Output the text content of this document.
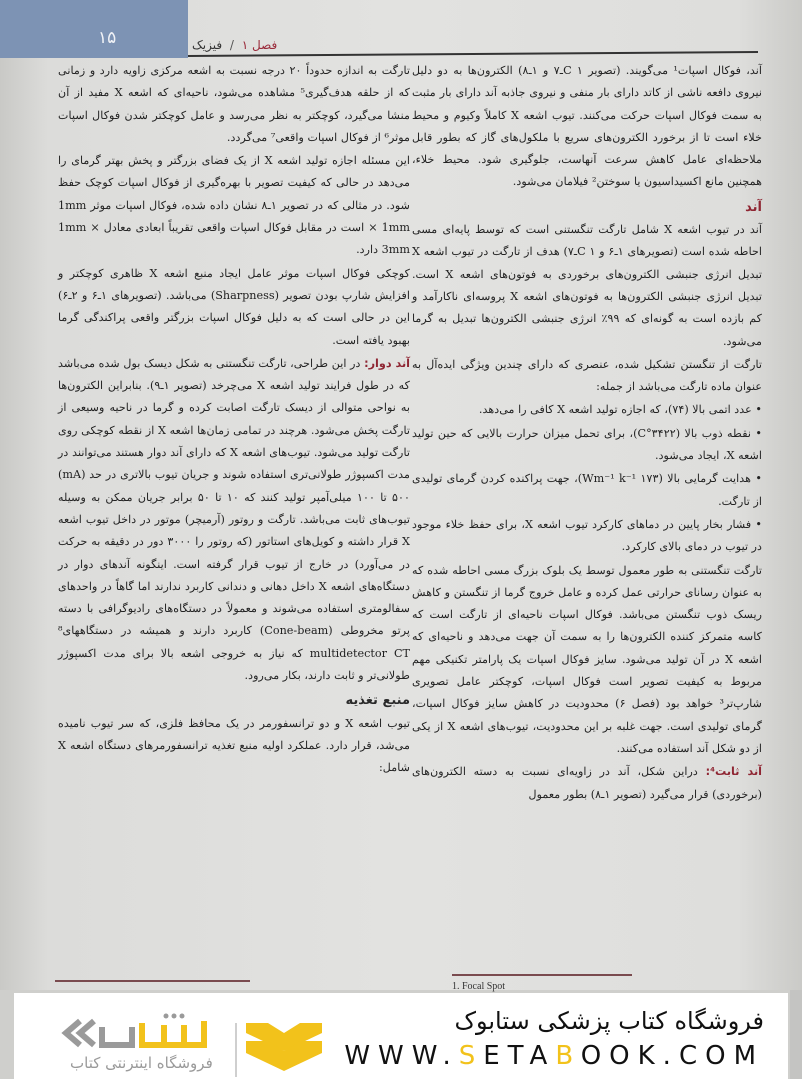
۱۵	فصل ۱ / فیزیک

آند، فوکال اسپات¹ می‌گویند. (تصویر C ۱ـ۷ و ۱ـ۸) الکترون‌ها به دو دلیل نیروی دافعه ناشی از کاتد دارای بار منفی و نیروی جاذبه آند دارای بار مثبت به سمت فوکال اسپات حرکت می‌کنند. تیوب اشعه X کاملاً وکیوم و محیط خلاء است تا از برخورد الکترون‌های سریع با ملکول‌های گاز که بطور قابل ملاحظه‌ای عامل کاهش سرعت آنهاست، جلوگیری شود. محیط خلاء، همچنین مانع اکسیداسیون یا سوختن² فیلامان می‌شود.

آند

آند در تیوب اشعه X شامل تارگت تنگستنی است که توسط پایه‌ای مسی احاطه شده است (تصویرهای ۱ـ۶ و C ۱ـ۷) هدف از تارگت در تیوب اشعه X تبدیل انرژی جنبشی الکترون‌های برخوردی به فوتون‌های اشعه X است. تبدیل انرژی جنبشی الکترون‌ها به فوتون‌های اشعه X پروسه‌ای ناکارآمد و کم بازده است به گونه‌ای که ۹۹٪ انرژی جنبشی الکترون‌ها تبدیل به گرما می‌شود.

تارگت از تنگستن تشکیل شده، عنصری که دارای چندین ویژگی ایده‌آل به عنوان ماده تارگت می‌باشد از جمله:

• عدد اتمی بالا (۷۴)، که اجازه تولید اشعه X کافی را می‌دهد.

• نقطه ذوب بالا (۳۴۲۲°C)، برای تحمل میزان حرارت بالایی که حین تولید اشعه X، ایجاد می‌شود.

• هدایت گرمایی بالا (۱۷۳ Wm⁻¹ k⁻¹)، جهت پراکنده کردن گرمای تولیدی از تارگت.

• فشار بخار پایین در دماهای کارکرد تیوب اشعه X، برای حفظ خلاء موجود در تیوب در دمای بالای کارکرد.

تارگت تنگستنی به طور معمول توسط یک بلوک بزرگ مسی احاطه شده که به عنوان رسانای حرارتی عمل کرده و عامل خروج گرما از تنگستن و کاهش ریسک ذوب تنگستن می‌باشد. فوکال اسپات ناحیه‌ای از تارگت است که کاسه متمرکز کننده الکترون‌ها را به سمت آن جهت می‌دهد و ناحیه‌ای که اشعه X در آن تولید می‌شود. سایز فوکال اسپات یک پارامتر تکنیکی مهم مربوط به کیفیت تصویر است فوکال اسپات، کوچکتر عامل تصویری شارپ‌تر³ خواهد بود (فصل ۶) محدودیت در کاهش سایز فوکال اسپات، گرمای تولیدی است. جهت غلبه بر این محدودیت، تیوب‌های اشعه X از یکی از دو شکل آند استفاده می‌کنند.

آند ثابت⁴: دراین شکل، آند در زاویه‌ای نسبت به دسته الکترون‌های (برخوردی) قرار می‌گیرد (تصویر ۱ـ۸) بطور معمول

تارگت به اندازه حدوداً ۲۰ درجه نسبت به اشعه مرکزی زاویه دارد و زمانی که از حلقه هدف‌گیری⁵ مشاهده می‌شود، ناحیه‌ای که اشعه X مفید از آن منشا می‌گیرد، کوچکتر به نظر می‌رسد و عامل کوچکتر شدن فوکال اسپات موثر⁶ از فوکال اسپات واقعی⁷ می‌گردد.

این مسئله اجازه تولید اشعه X از یک فضای بزرگتر و پخش بهتر گرمای را می‌دهد در حالی که کیفیت تصویر با بهره‌گیری از فوکال اسپات کوچک حفظ شود. در مثالی که در تصویر ۱ـ۸ نشان داده شده، فوکال اسپات موثر 1mm × 1mm است در مقابل فوکال اسپات واقعی تقریباً ابعادی معادل 1mm × 3mm دارد.

کوچکی فوکال اسپات موثر عامل ایجاد منبع اشعه X ظاهری کوچکتر و افزایش شارپ بودن تصویر (Sharpness) می‌باشد. (تصویرهای ۱ـ۶ و ۲ـ۶) این در حالی است که به دلیل فوکال اسپات بزرگتر واقعی پراکندگی گرما بهبود یافته است.

آند دوار: در این طراحی، تارگت تنگستنی به شکل دیسک بول شده می‌باشد که در طول فرایند تولید اشعه X می‌چرخد (تصویر ۱ـ۹). بنابراین الکترون‌ها به نواحی متوالی از دیسک تارگت اصابت کرده و گرما در ناحیه وسیعی از تارگت پخش می‌شود. هرچند در تمامی زمان‌ها اشعه X از نقطه کوچکی روی تارگت تولید می‌شود. تیوب‌های اشعه X که دارای آند دوار هستند می‌توانند در مدت اکسپوژر طولانی‌تری استفاده شوند و جریان تیوب بالاتری در حد (mA) ۵۰۰ تا ۱۰۰ میلی‌آمپر تولید کنند که ۱۰ تا ۵۰ برابر جریان ممکن به وسیله تیوب‌های ثابت می‌باشد. تارگت و روتور (آرمیچر) موتور در داخل تیوب اشعه X قرار داشته و کویل‌های استاتور (که روتور را ۳۰۰۰ دور در دقیقه به حرکت در می‌آورد) در خارج از تیوب قرار گرفته است. اینگونه آندهای دوار در دستگاه‌های اشعه X داخل دهانی و دندانی کاربرد ندارند اما گاهاً در واحدهای سفالومتری استفاده می‌شوند و معمولاً در دستگاه‌های رادیوگرافی با دسته پرتو مخروطی (Cone-beam) کاربرد دارند و همیشه در دستگاههای⁸ multidetector CT که نیاز به خروجی اشعه بالا برای مدت اکسپوژر طولانی‌تر و ثابت دارند، بکار می‌رود.

منبع تغذیه

تیوب اشعه X و دو ترانسفورمر در یک محافظ فلزی، که سر تیوب نامیده می‌شد، قرار دارد. عملکرد اولیه منبع تغذیه ترانسفورمرهای دستگاه اشعه X شامل:

1. Focal Spot
فروشگاه اینترنتی کتاب
فروشگاه کتاب پزشکی ستابوک
WWW.SETABOOK.COM
